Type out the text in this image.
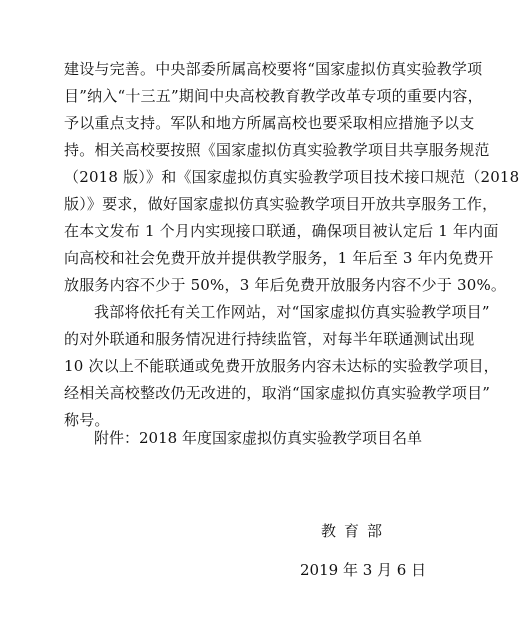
建设与完善。中央部委所属高校要将“国家虚拟仿真实验教学项
目”纳入“十三五”期间中央高校教育教学改革专项的重要内容，
予以重点支持。军队和地方所属高校也要采取相应措施予以支
持。相关高校要按照《国家虚拟仿真实验教学项目共享服务规范
（2018 版）》和《国家虚拟仿真实验教学项目技术接口规范（2018
版）》要求，做好国家虚拟仿真实验教学项目开放共享服务工作，
在本文发布 1 个月内实现接口联通，确保项目被认定后 1 年内面
向高校和社会免费开放并提供教学服务，1 年后至 3 年内免费开
放服务内容不少于 50%，3 年后免费开放服务内容不少于 30%。
我部将依托有关工作网站，对“国家虚拟仿真实验教学项目”
的对外联通和服务情况进行持续监管，对每半年联通测试出现
10 次以上不能联通或免费开放服务内容未达标的实验教学项目，
经相关高校整改仍无改进的，取消“国家虚拟仿真实验教学项目”
称号。
附件：2018 年度国家虚拟仿真实验教学项目名单
教育部
2019 年 3 月 6 日
